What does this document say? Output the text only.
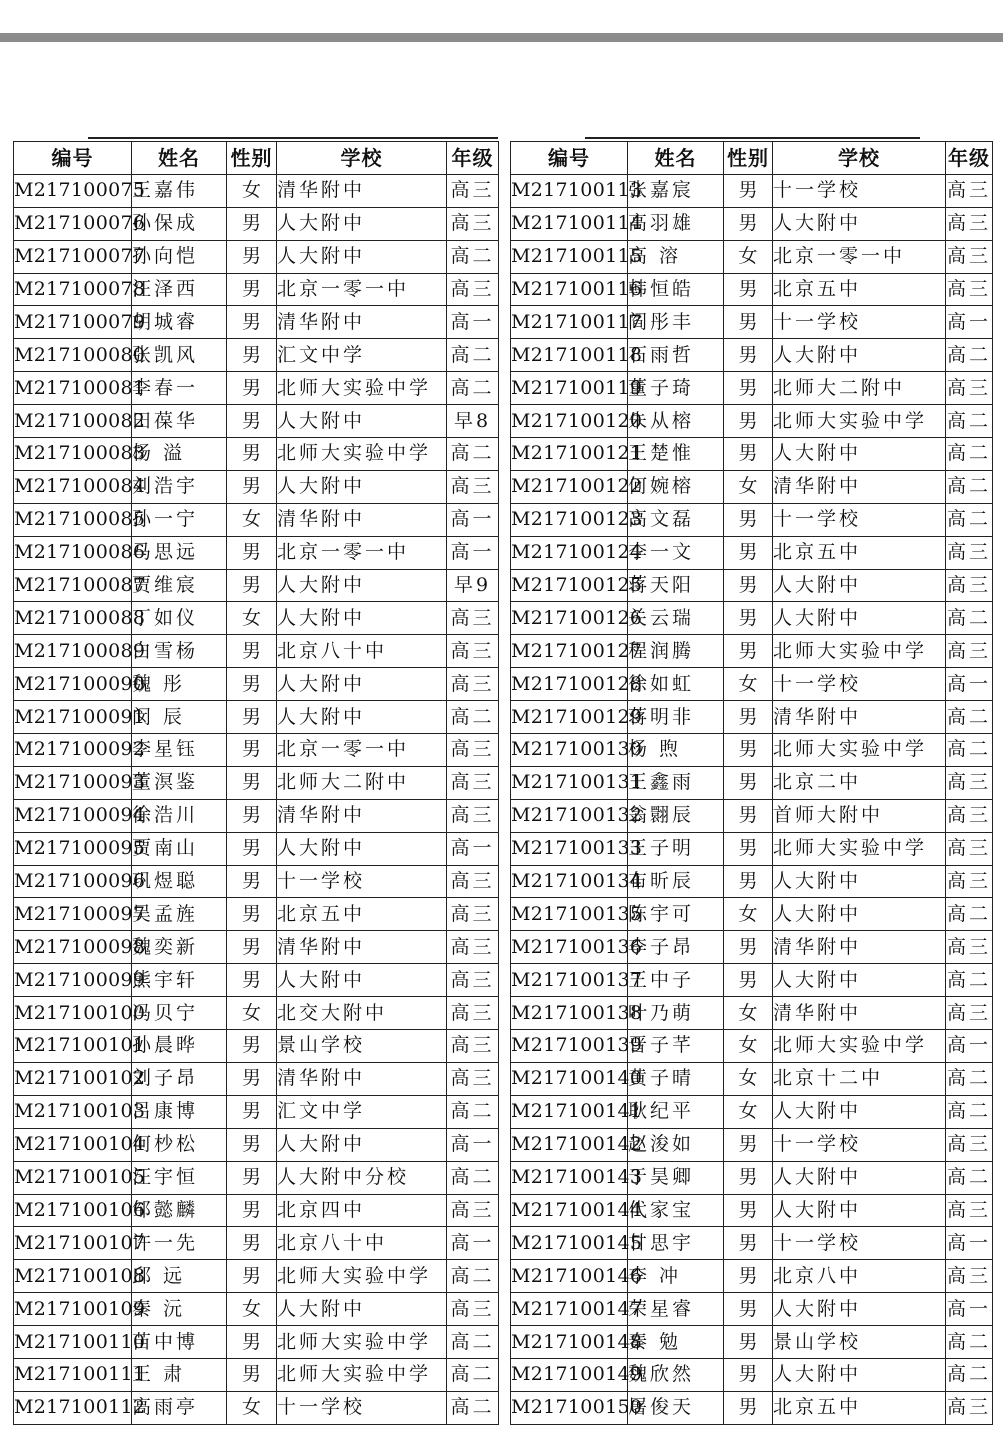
编号	姓名	性别	学校	年级
M217100075	王嘉伟	女	清华附中	高三
M217100076	孙保成	男	人大附中	高三
M217100077	孙向恺	男	人大附中	高二
M217100078	汪泽西	男	北京一零一中	高三
M217100079	胡城睿	男	清华附中	高一
M217100080	张凯风	男	汇文中学	高二
M217100081	李春一	男	北师大实验中学	高二
M217100082	田葆华	男	人大附中	早8
M217100083	杨 溢	男	北师大实验中学	高二
M217100084	刘浩宇	男	人大附中	高三
M217100085	孙一宁	女	清华附中	高一
M217100086	马思远	男	北京一零一中	高一
M217100087	贾维宸	男	人大附中	早9
M217100088	丁如仪	女	人大附中	高三
M217100089	白雪杨	男	北京八十中	高三
M217100090	魏 彤	男	人大附中	高三
M217100091	闵 辰	男	人大附中	高二
M217100092	李星钰	男	北京一零一中	高三
M217100093	董溟鉴	男	北师大二附中	高三
M217100094	徐浩川	男	清华附中	高三
M217100095	贾南山	男	人大附中	高一
M217100096	巩煜聪	男	十一学校	高三
M217100097	吴孟旌	男	北京五中	高三
M217100098	魏奕新	男	清华附中	高三
M217100099	熊宇轩	男	人大附中	高三
M217100100	冯贝宁	女	北交大附中	高三
M217100101	孙晨晔	男	景山学校	高三
M217100102	刘子昂	男	清华附中	高三
M217100103	吕康博	男	汇文中学	高二
M217100104	何杪松	男	人大附中	高一
M217100105	汪宇恒	男	人大附中分校	高二
M217100106	邹懿麟	男	北京四中	高三
M217100107	许一先	男	北京八十中	高一
M217100108	邱 远	男	北师大实验中学	高二
M217100109	秦 沅	女	人大附中	高三
M217100110	苗中博	男	北师大实验中学	高二
M217100111	王 肃	男	北师大实验中学	高二
M217100112	高雨亭	女	十一学校	高二
编号	姓名	性别	学校	年级
M217100113	张嘉宸	男	十一学校	高三
M217100114	高羽雄	男	人大附中	高三
M217100115	高 溶	女	北京一零一中	高三
M217100116	韩恒皓	男	北京五中	高三
M217100117	阎彤丰	男	十一学校	高一
M217100118	石雨哲	男	人大附中	高二
M217100119	董子琦	男	北师大二附中	高三
M217100120	朱从榕	男	北师大实验中学	高二
M217100121	王楚惟	男	人大附中	高二
M217100122	何婉榕	女	清华附中	高二
M217100123	高文磊	男	十一学校	高二
M217100124	李一文	男	北京五中	高三
M217100125	蒋天阳	男	人大附中	高三
M217100126	关云瑞	男	人大附中	高二
M217100127	程润腾	男	北师大实验中学	高三
M217100128	徐如虹	女	十一学校	高一
M217100129	蒋明非	男	清华附中	高二
M217100130	杨 煦	男	北师大实验中学	高二
M217100131	王鑫雨	男	北京二中	高三
M217100132	翁翾辰	男	首师大附中	高三
M217100133	王子明	男	北师大实验中学	高三
M217100134	布昕辰	男	人大附中	高三
M217100135	陈宇可	女	人大附中	高二
M217100136	李子昂	男	清华附中	高三
M217100137	王中子	男	人大附中	高二
M217100138	叶乃萌	女	清华附中	高三
M217100139	晋子芊	女	北师大实验中学	高一
M217100140	黄子晴	女	北京十二中	高二
M217100141	耿纪平	女	人大附中	高二
M217100142	赵浚如	男	十一学校	高三
M217100143	于昊卿	男	人大附中	高二
M217100144	代家宝	男	人大附中	高三
M217100145	甘思宇	男	十一学校	高一
M217100146	李 冲	男	北京八中	高三
M217100147	荣星睿	男	人大附中	高一
M217100148	秦 勉	男	景山学校	高二
M217100149	魏欣然	男	人大附中	高二
M217100150	屠俊天	男	北京五中	高三
